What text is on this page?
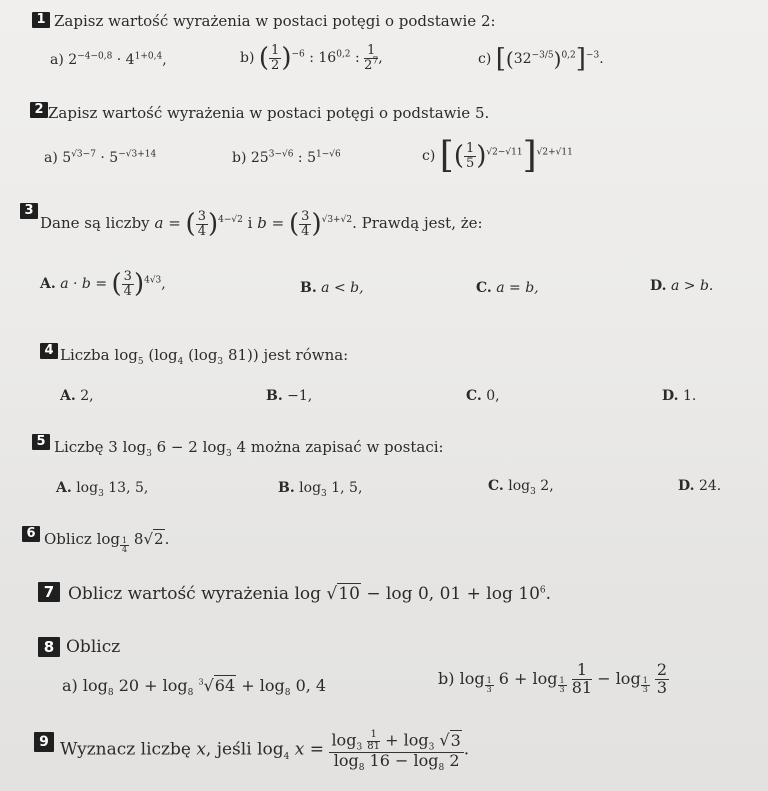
1 Zapisz wartość wyrażenia w postaci potęgi o podstawie 2:
a) $2^{-4-0,8} \cdot 4^{1+0,4}$,	b) ( $\frac{1}{2} )^{-6}$ : 16$^{0,2}$ : $\frac{1}{2^7}$ ,	c) $[(32^{-3/5})^{0,2}]^{-3}$.
2 Zapisz wartość wyrażenia w postaci potęgi o podstawie 5.
a) $5^{√3-7} \cdot 5^{-√3+14}$	b) $25^{3-√6}$ : $5^{1-√6}$	c) [( $\frac{1}{5} )^{√2-√11}]^{√2+√11}$
3
Dane są liczby a = ( $\frac{3}{4} )^{4-√2}$ i b = ( $\frac{3}{4} )^{√3+√2}$. Prawdą jest, że:
A. a · b = ( $\frac{3}{4} )^{4√3}$,	B. a < b,	C. a = b,	D. a > b.
4 Liczba $\log_5 (\log_4$ ($\log_3$ 81)) jest równa:
A. 2,	B. −1,	C. 0,	D. 1.
5 Liczbę 3 $\log_3 6 - 2$ $\log_3 4$ można zapisać w postaci:
A. $\log_3 13$, 5,	B. $\log_3 1$, 5,	C. $\log_3 2$,	D. 24.
6 Oblicz log $_{\frac{1}{4}}$ 8√2.
7 Oblicz wartość wyrażenia log √10 − log 0, $01 + \log 10^6$.
8 Oblicz
a) $\log_8 20 + \log_8 ^3√64 + \log_8 0$, 4	b) log $_{\frac{1}{3}}$ 6 + log $_{\frac{1}{3}}$
$\frac{1}{81} - \log _{\frac{1}{3}}$
$\frac{2}{3}$
9 Wyznacz liczbę x, jeśli $\log_4 x = \frac{\log_3 \frac{1}{81} + \log_3 √3}{\log_8 16 - \log_8 2}$ .
